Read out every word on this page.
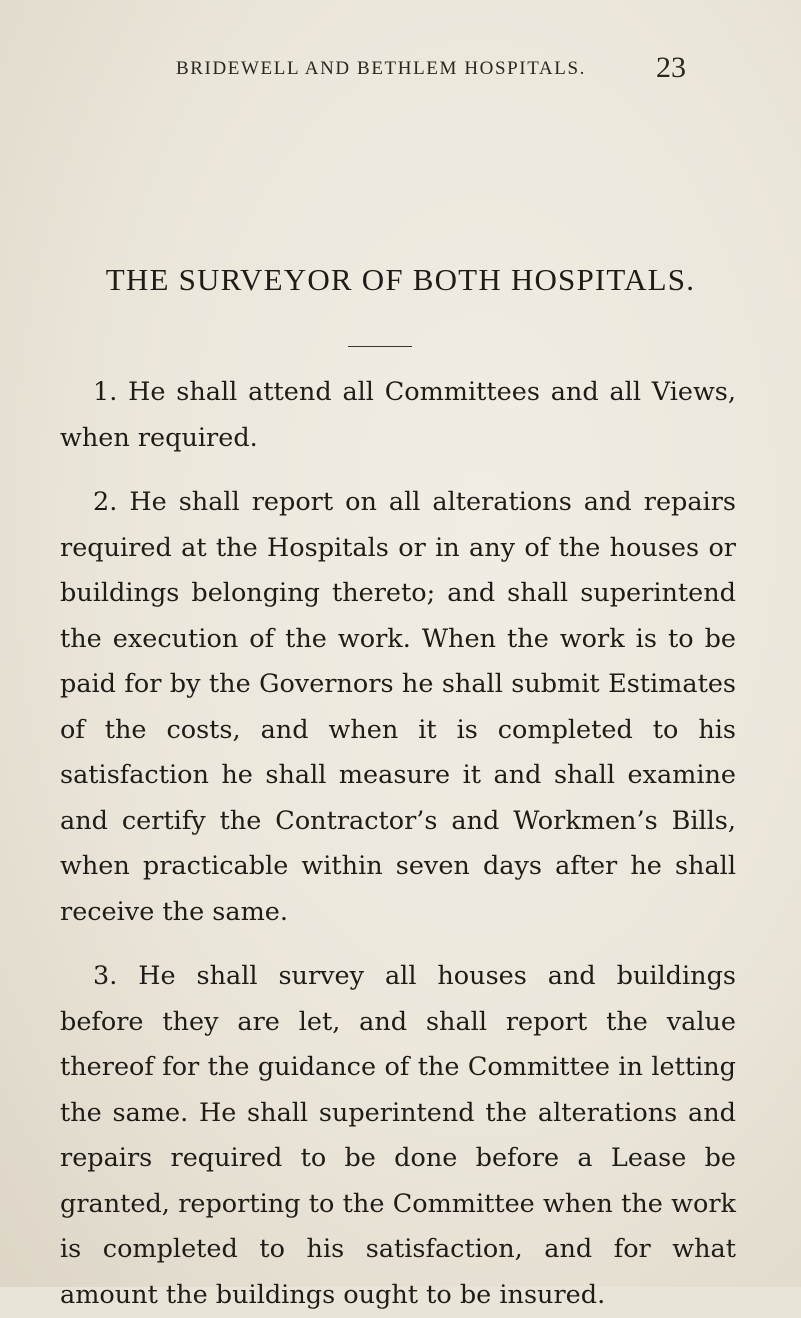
BRIDEWELL AND BETHLEM HOSPITALS. 23
THE SURVEYOR OF BOTH HOSPITALS.

1. He shall attend all Committees and all Views, when required.

2. He shall report on all alterations and repairs required at the Hospitals or in any of the houses or buildings belonging thereto; and shall superintend the execution of the work. When the work is to be paid for by the Governors he shall submit Estimates of the costs, and when it is completed to his satisfaction he shall measure it and shall examine and certify the Contractor’s and Workmen’s Bills, when practicable within seven days after he shall receive the same.

3. He shall survey all houses and buildings before they are let, and shall report the value thereof for the guidance of the Committee in letting the same. He shall superintend the alterations and repairs required to be done before a Lease be granted, reporting to the Committee when the work is completed to his satisfaction, and for what amount the buildings ought to be insured.
